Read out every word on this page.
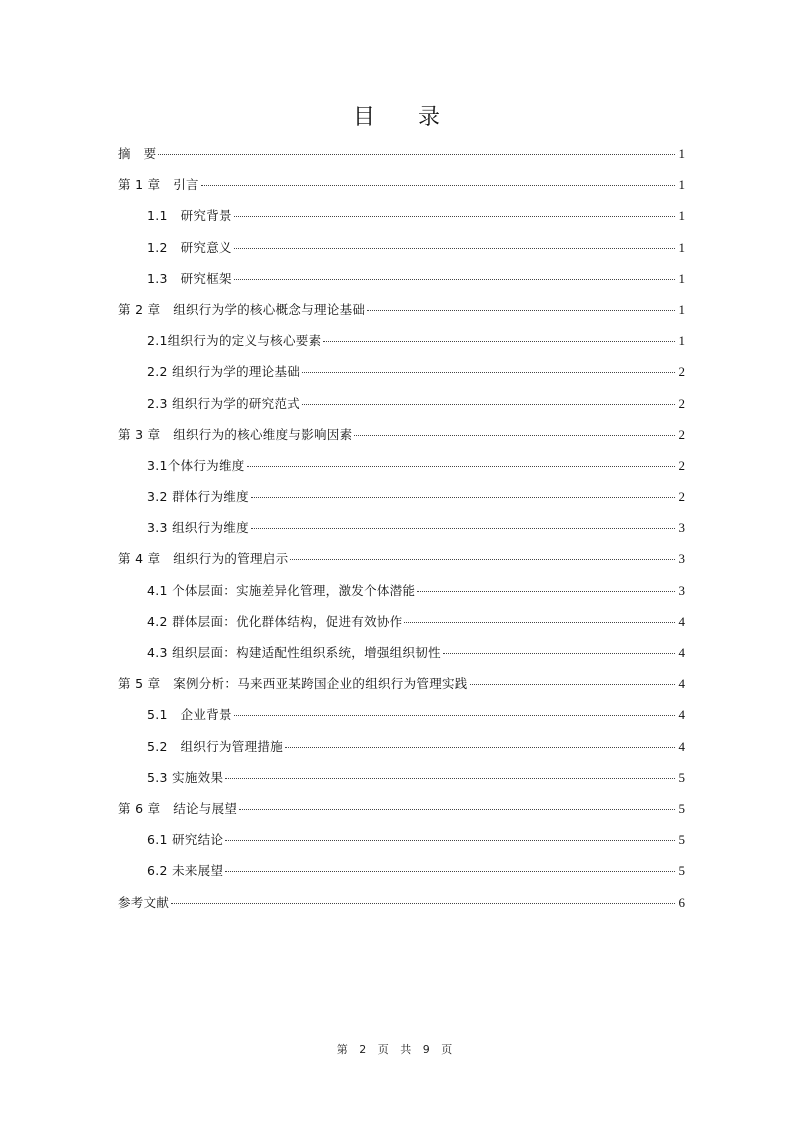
目 录
摘　要	1
第 1 章　引言	1
1.1　研究背景	1
1.2　研究意义	1
1.3　研究框架	1
第 2 章　组织行为学的核心概念与理论基础	1
2.1组织行为的定义与核心要素	1
2.2 组织行为学的理论基础	2
2.3 组织行为学的研究范式	2
第 3 章　组织行为的核心维度与影响因素	2
3.1个体行为维度	2
3.2 群体行为维度	2
3.3 组织行为维度	3
第 4 章　组织行为的管理启示	3
4.1 个体层面：实施差异化管理，激发个体潜能	3
4.2 群体层面：优化群体结构，促进有效协作	4
4.3 组织层面：构建适配性组织系统，增强组织韧性	4
第 5 章　案例分析：马来西亚某跨国企业的组织行为管理实践	4
5.1　企业背景	4
5.2　组织行为管理措施	4
5.3 实施效果	5
第 6 章　结论与展望	5
6.1 研究结论	5
6.2 未来展望	5
参考文献	6
第 2 页 共 9 页
